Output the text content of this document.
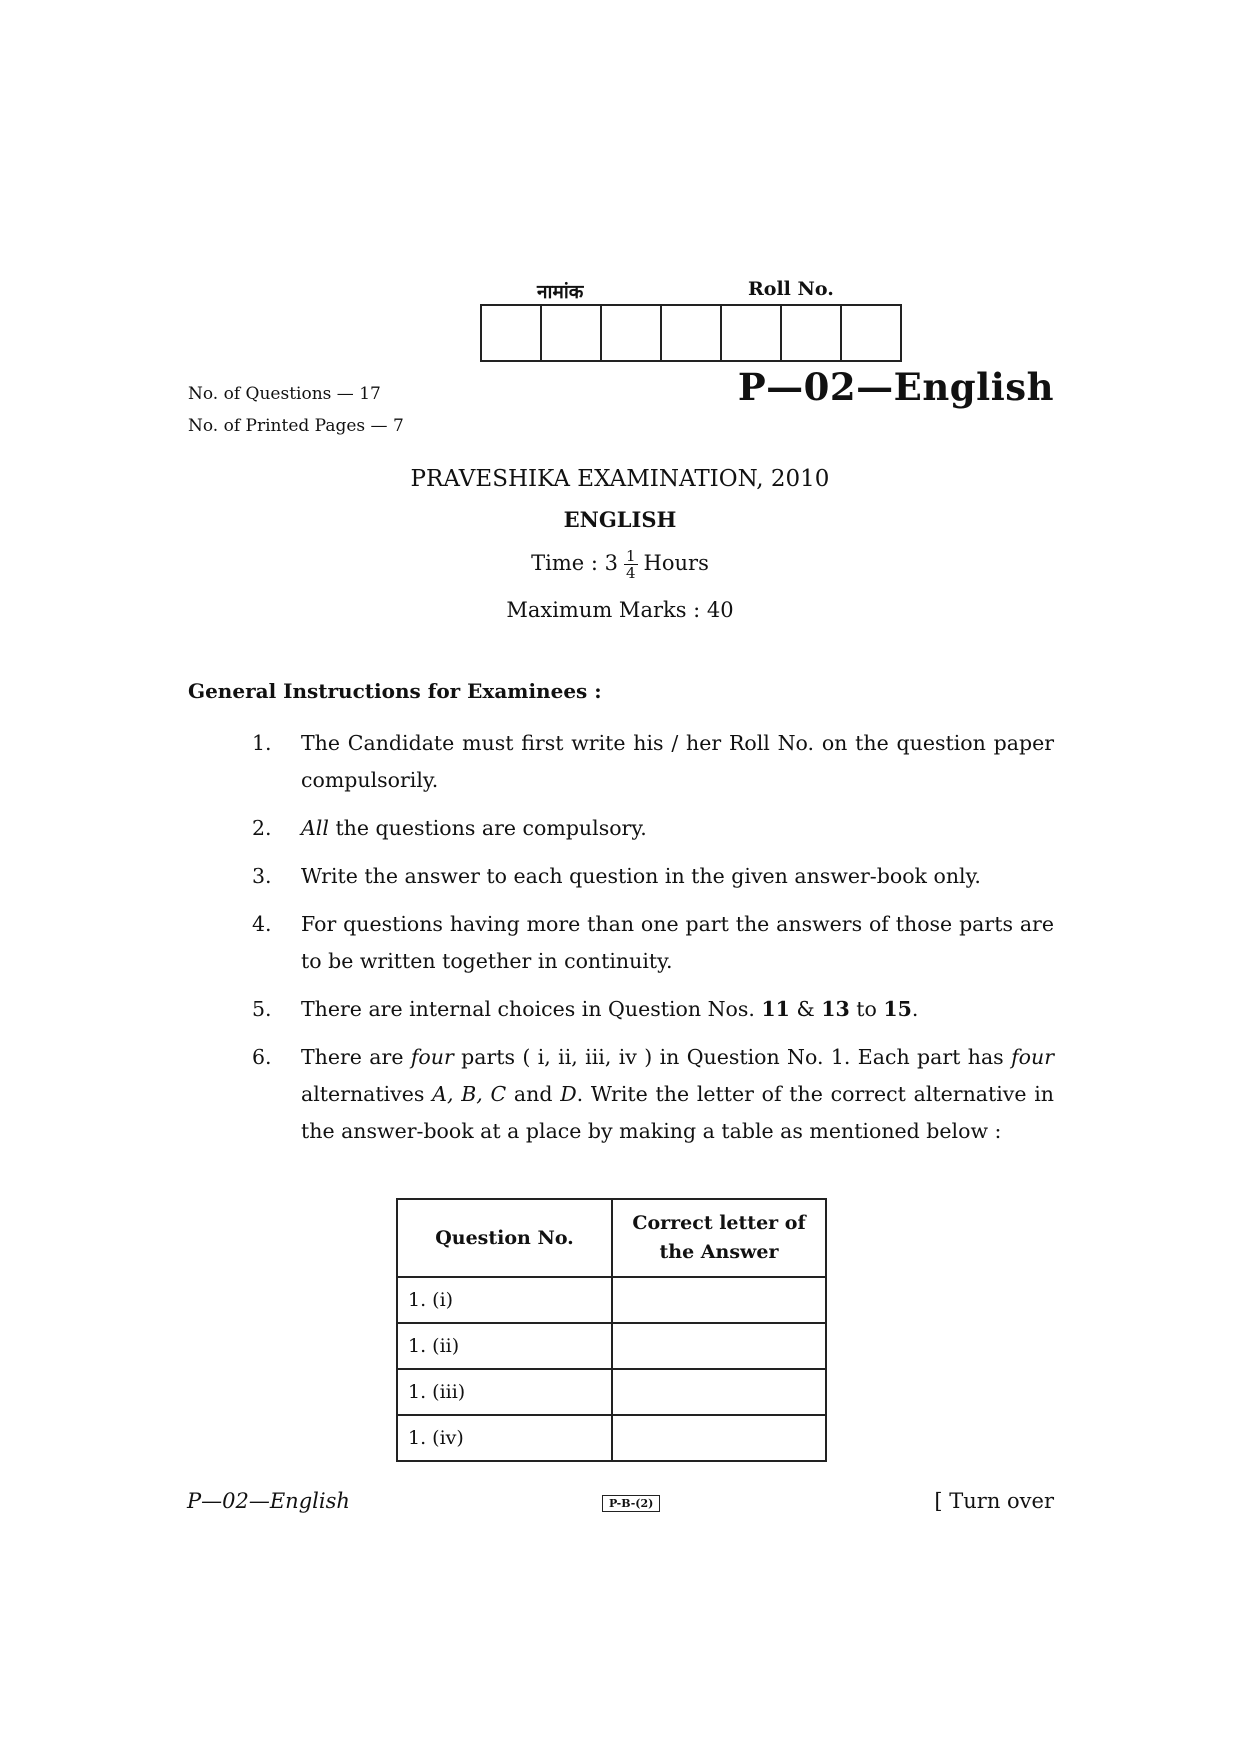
नामांक	Roll No.
No. of Questions — 17
No. of Printed Pages — 7
P—02—English
PRAVESHIKA EXAMINATION, 2010
ENGLISH
Time : $3 \frac{1}{4}$ Hours
Maximum Marks : 40
General Instructions for Examinees :
1. The Candidate must first write his / her Roll No. on the question paper compulsorily.
2. All the questions are compulsory.
3. Write the answer to each question in the given answer-book only.
4. For questions having more than one part the answers of those parts are to be written together in continuity.
5. There are internal choices in Question Nos. 11 & 13 to 15.
6. There are four parts ( i, ii, iii, iv ) in Question No. 1. Each part has four alternatives A, B, C and D. Write the letter of the correct alternative in the answer-book at a place by making a table as mentioned below :
Question No.	Correct letter of the Answer
1. (i)	
1. (ii)	
1. (iii)	
1. (iv)	
P—02—English	P-B-(2)	[ Turn over
